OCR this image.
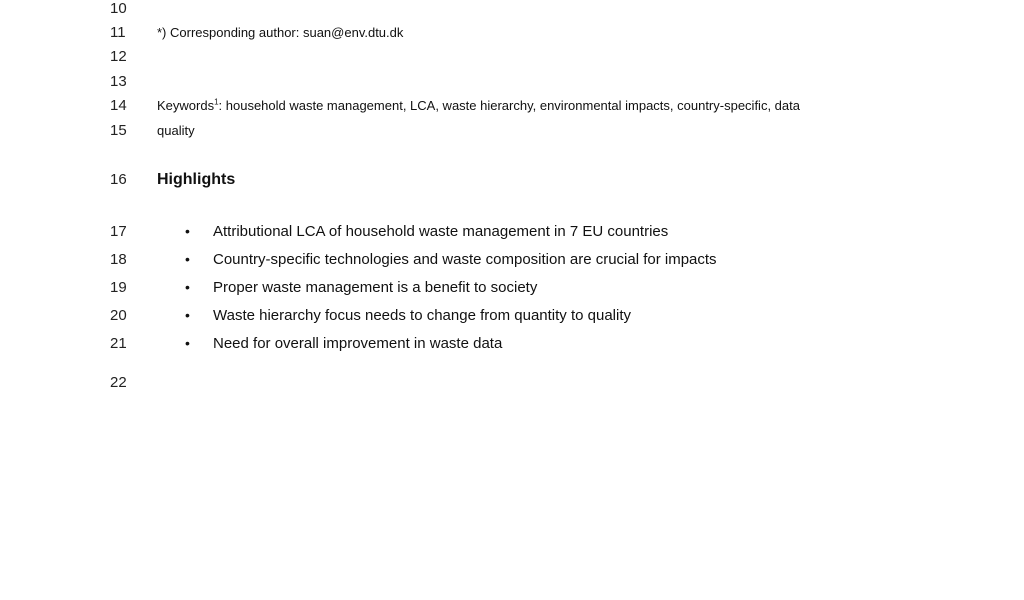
10
11
12
13
14
15
16
17
18
19
20
21
22
*) Corresponding author: suan@env.dtu.dk
Keywords$^1$: household waste management, LCA, waste hierarchy, environmental impacts, country-specific, data
quality
Highlights
• Attributional LCA of household waste management in 7 EU countries
• Country-specific technologies and waste composition are crucial for impacts
• Proper waste management is a benefit to society
• Waste hierarchy focus needs to change from quantity to quality
• Need for overall improvement in waste data
